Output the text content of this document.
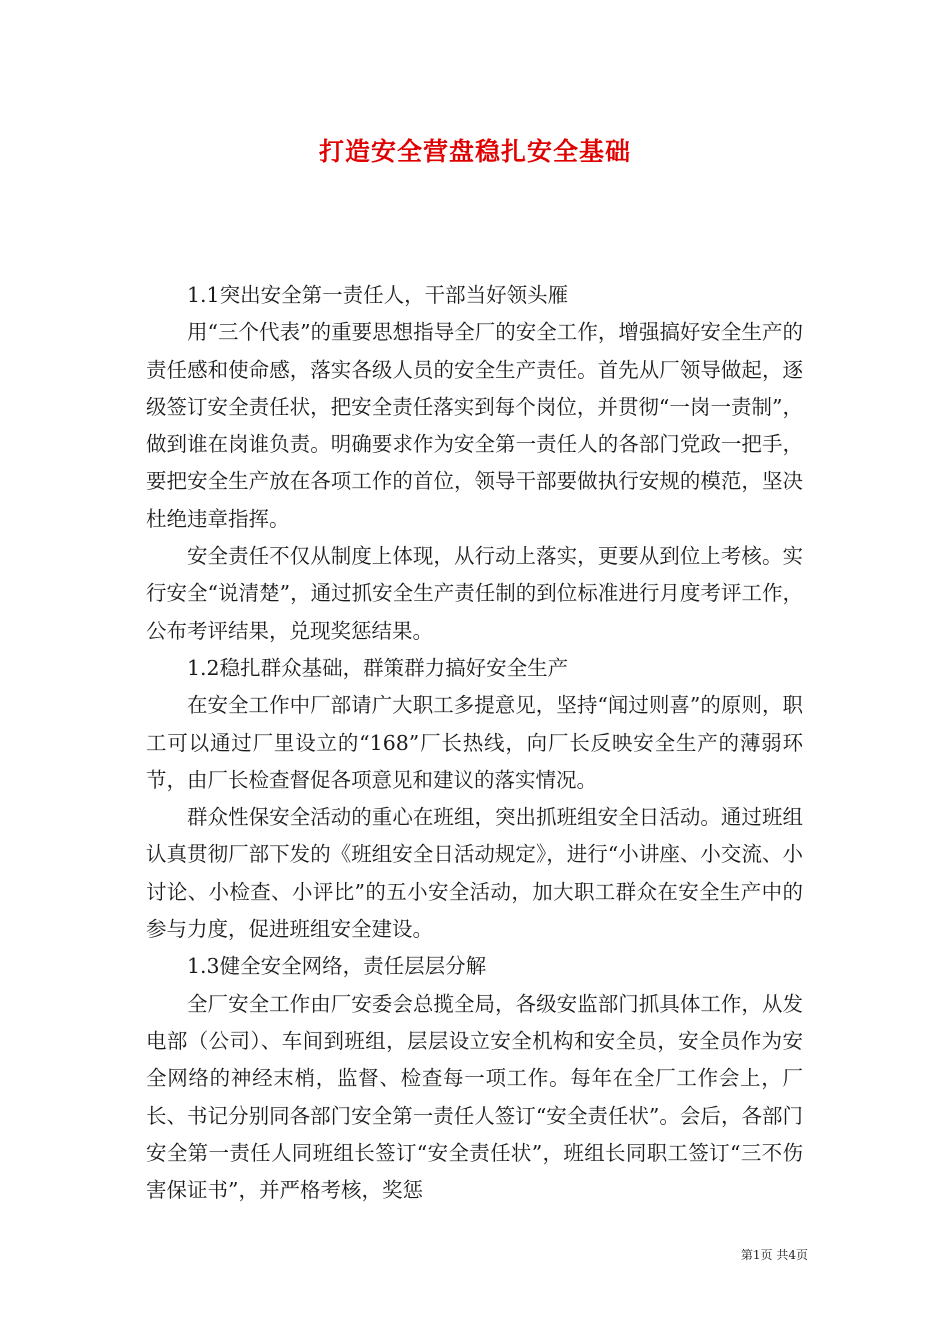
打造安全营盘稳扎安全基础

1.1突出安全第一责任人，干部当好领头雁

用“三个代表”的重要思想指导全厂的安全工作，增强搞好安全生产的责任感和使命感，落实各级人员的安全生产责任。首先从厂领导做起，逐级签订安全责任状，把安全责任落实到每个岗位，并贯彻“一岗一责制”，做到谁在岗谁负责。明确要求作为安全第一责任人的各部门党政一把手，要把安全生产放在各项工作的首位，领导干部要做执行安规的模范，坚决杜绝违章指挥。

安全责任不仅从制度上体现，从行动上落实，更要从到位上考核。实行安全“说清楚”，通过抓安全生产责任制的到位标准进行月度考评工作，公布考评结果，兑现奖惩结果。

1.2稳扎群众基础，群策群力搞好安全生产

在安全工作中厂部请广大职工多提意见，坚持“闻过则喜”的原则，职工可以通过厂里设立的“168”厂长热线，向厂长反映安全生产的薄弱环节，由厂长检查督促各项意见和建议的落实情况。

群众性保安全活动的重心在班组，突出抓班组安全日活动。通过班组认真贯彻厂部下发的《班组安全日活动规定》，进行“小讲座、小交流、小讨论、小检查、小评比”的五小安全活动，加大职工群众在安全生产中的参与力度，促进班组安全建设。

1.3健全安全网络，责任层层分解

全厂安全工作由厂安委会总揽全局，各级安监部门抓具体工作，从发电部（公司）、车间到班组，层层设立安全机构和安全员，安全员作为安全网络的神经末梢，监督、检查每一项工作。每年在全厂工作会上，厂长、书记分别同各部门安全第一责任人签订“安全责任状”。会后，各部门安全第一责任人同班组长签订“安全责任状”，班组长同职工签订“三不伤害保证书”，并严格考核，奖惩

第1页 共4页
